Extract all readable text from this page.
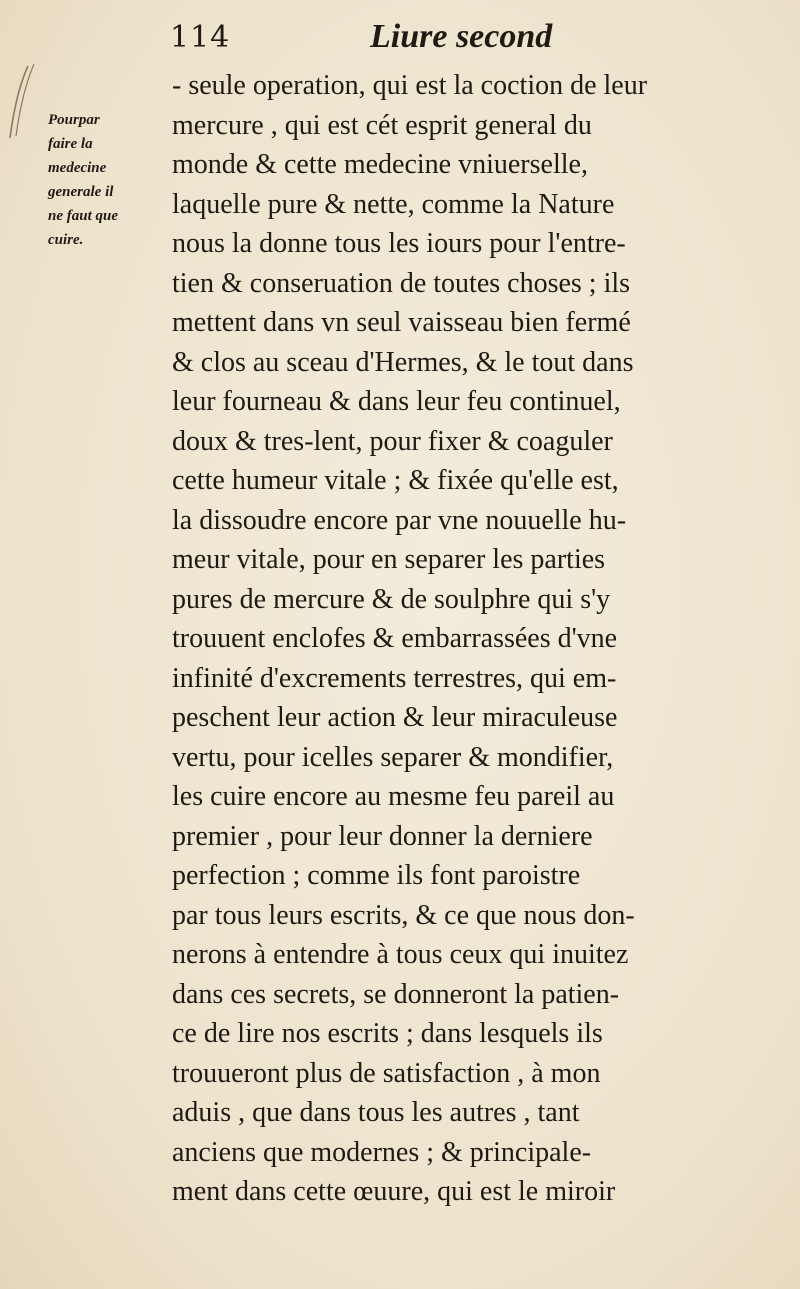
114	Liure second
Pourpar
faire la
medecine
generale il
ne faut que
cuire.
- seule operation, qui est la coction de leur
mercure , qui est cét esprit general du
monde & cette medecine vniuerselle,
laquelle pure & nette, comme la Nature
nous la donne tous les iours pour l'entre-
tien & conseruation de toutes choses ; ils
mettent dans vn seul vaisseau bien fermé
& clos au sceau d'Hermes, & le tout dans
leur fourneau & dans leur feu continuel,
doux & tres-lent, pour fixer & coaguler
cette humeur vitale ; & fixée qu'elle est,
la dissoudre encore par vne nouuelle hu-
meur vitale, pour en separer les parties
pures de mercure & de soulphre qui s'y
trouuent enclofes & embarrassées d'vne
infinité d'excrements terrestres, qui em-
peschent leur action & leur miraculeuse
vertu, pour icelles separer & mondifier,
les cuire encore au mesme feu pareil au
premier , pour leur donner la derniere
perfection ; comme ils font paroistre
par tous leurs escrits, & ce que nous don-
nerons à entendre à tous ceux qui inuitez
dans ces secrets, se donneront la patien-
ce de lire nos escrits ; dans lesquels ils
trouueront plus de satisfaction , à mon
aduis , que dans tous les autres , tant
anciens que modernes ; & principale-
ment dans cette œuure, qui est le miroir
